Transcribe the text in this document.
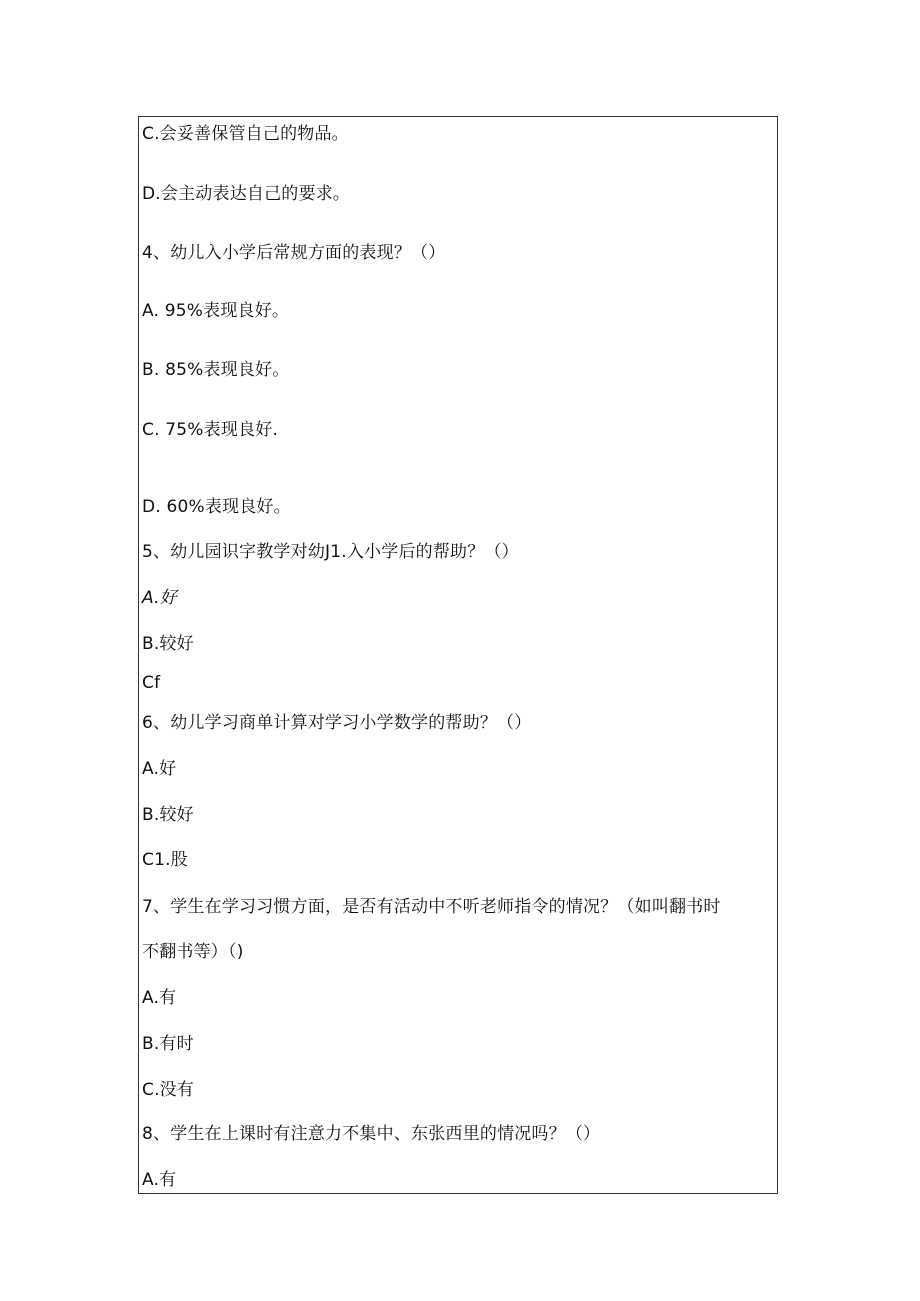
C.会妥善保管自己的物品。
D.会主动表达自己的要求。
4、幼儿入小学后常规方面的表现？（）
A. 95%表现良好。
B. 85%表现良好。
C. 75%表现良好.
D. 60%表现良好。
5、幼儿园识字教学对幼J1.入小学后的帮助？（）
A.好
B.较好
Cf
6、幼儿学习商单计算对学习小学数学的帮助？（）
A.好
B.较好
C1.股
7、学生在学习习惯方面，是否有活动中不听老师指令的情况？（如叫翻书时
不翻书等）（)
A.有
B.有时
C.没有
8、学生在上课时有注意力不集中、东张西里的情况吗？（）
A.有
